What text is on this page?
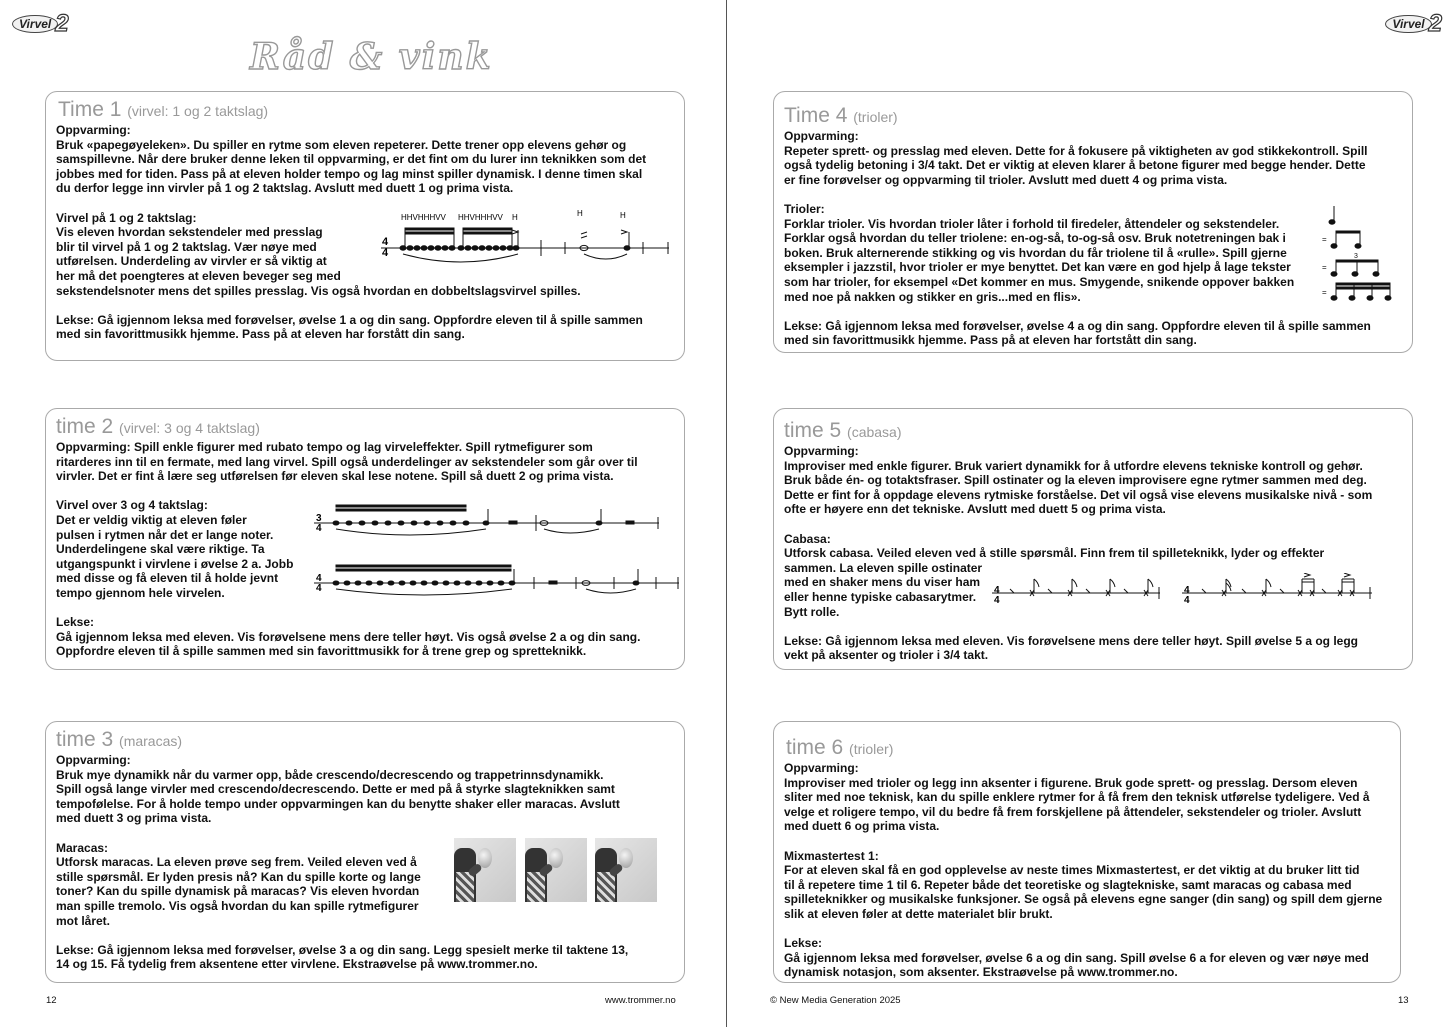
Virvel 2
Råd & vink
Time 1 (virvel: 1 og 2 taktslag)
Oppvarming:
Bruk «papegøyeleken». Du spiller en rytme som eleven repeterer. Dette trener opp elevens gehør og
samspillevne. Når dere bruker denne leken til oppvarming, er det fint om du lurer inn teknikken som det
jobbes med for tiden. Pass på at eleven holder tempo og lag minst spiller dynamisk. I denne timen skal
du derfor legge inn virvler på 1 og 2 taktslag. Avslutt med duett 1 og prima vista.
Virvel på 1 og 2 taktslag:
Vis eleven hvordan sekstendeler med presslag
blir til virvel på 1 og 2 taktslag. Vær nøye med
utførelsen. Underdeling av virvler er så viktig at
her må det poengteres at eleven beveger seg med
sekstendelsnoter mens det spilles presslag. Vis også hvordan en dobbeltslagsvirvel spilles.
Lekse: Gå igjennom leksa med forøvelser, øvelse 1 a og din sang. Oppfordre eleven til å spille sammen
med sin favorittmusikk hjemme. Pass på at eleven har forstått din sang.
HHVHHHVV HHVHHHVV H	H	H
4
4
time 2 (virvel: 3 og 4 taktslag)
Oppvarming: Spill enkle figurer med rubato tempo og lag virveleffekter. Spill rytmefigurer som
ritarderes inn til en fermate, med lang virvel. Spill også underdelinger av sekstendeler som går over til
virvler. Det er fint å lære seg utførelsen før eleven skal lese notene. Spill så duett 2 og prima vista.
Virvel over 3 og 4 taktslag:
Det er veldig viktig at eleven føler
pulsen i rytmen når det er lange noter.
Underdelingene skal være riktige. Ta
utgangspunkt i virvlene i øvelse 2 a. Jobb
med disse og få eleven til å holde jevnt
tempo gjennom hele virvelen.
Lekse:
Gå igjennom leksa med eleven. Vis forøvelsene mens dere teller høyt. Vis også øvelse 2 a og din sang.
Oppfordre eleven til å spille sammen med sin favorittmusikk for å trene grep og spretteknikk.
3
4
4
4
time 3 (maracas)
Oppvarming:
Bruk mye dynamikk når du varmer opp, både crescendo/decrescendo og trappetrinnsdynamikk.
Spill også lange virvler med crescendo/decrescendo. Dette er med på å styrke slagteknikken samt
tempofølelse. For å holde tempo under oppvarmingen kan du benytte shaker eller maracas. Avslutt
med duett 3 og prima vista.
Maracas:
Utforsk maracas. La eleven prøve seg frem. Veiled eleven ved å
stille spørsmål. Er lyden presis nå? Kan du spille korte og lange
toner? Kan du spille dynamisk på maracas? Vis eleven hvordan
man spille tremolo. Vis også hvordan du kan spille rytmefigurer
mot låret.
Lekse: Gå igjennom leksa med forøvelser, øvelse 3 a og din sang. Legg spesielt merke til taktene 13,
14 og 15. Få tydelig frem aksentene etter virvlene. Ekstraøvelse på www.trommer.no.
12	www.trommer.no
Virvel 2
Time 4 (trioler)
Oppvarming:
Repeter sprett- og presslag med eleven. Dette for å fokusere på viktigheten av god stikkekontroll. Spill
også tydelig betoning i 3/4 takt. Det er viktig at eleven klarer å betone figurer med begge hender. Dette
er fine forøvelser og oppvarming til trioler. Avslutt med duett 4 og prima vista.
Trioler:
Forklar trioler. Vis hvordan trioler låter i forhold til firedeler, åttendeler og sekstendeler.
Forklar også hvordan du teller triolene: en-og-så, to-og-så osv. Bruk notetreningen bak i
boken. Bruk alternerende stikking og vis hvordan du får triolene til å «rulle». Spill gjerne
eksempler i jazzstil, hvor trioler er mye benyttet. Det kan være en god hjelp å lage tekster
som har trioler, for eksempel «Det kommer en mus. Smygende, snikende oppover bakken
med noe på nakken og stikker en gris...med en flis».
Lekse: Gå igjennom leksa med forøvelser, øvelse 4 a og din sang. Oppfordre eleven til å spille sammen
med sin favorittmusikk hjemme. Pass på at eleven har fortstått din sang.
=
=
3
=
time 5 (cabasa)
Oppvarming:
Improviser med enkle figurer. Bruk variert dynamikk for å utfordre elevens tekniske kontroll og gehør.
Bruk både én- og totaktsfraser. Spill ostinater og la eleven improvisere egne rytmer sammen med deg.
Dette er fint for å oppdage elevens rytmiske forståelse. Det vil også vise elevens musikalske nivå - som
ofte er høyere enn det tekniske. Avslutt med duett 5 og prima vista.
Cabasa:
Utforsk cabasa. Veiled eleven ved å stille spørsmål. Finn frem til spilleteknikk, lyder og effekter
sammen. La eleven spille ostinater
med en shaker mens du viser ham
eller henne typiske cabasarytmer.
Bytt rolle.
Lekse: Gå igjennom leksa med eleven. Vis forøvelsene mens dere teller høyt. Spill øvelse 5 a og legg
vekt på aksenter og trioler i 3/4 takt.
4
4
4
4
time 6 (trioler)
Oppvarming:
Improviser med trioler og legg inn aksenter i figurene. Bruk gode sprett- og presslag. Dersom eleven
sliter med noe teknisk, kan du spille enklere rytmer for å få frem den teknisk utførelse tydeligere. Ved å
velge et roligere tempo, vil du bedre få frem forskjellene på åttendeler, sekstendeler og trioler. Avslutt
med duett 6 og prima vista.
Mixmastertest 1:
For at eleven skal få en god opplevelse av neste times Mixmastertest, er det viktig at du bruker litt tid
til å repetere time 1 til 6. Repeter både det teoretiske og slagtekniske, samt maracas og cabasa med
spilleteknikker og musikalske funksjoner. Se også på elevens egne sanger (din sang) og spill dem gjerne
slik at eleven føler at dette materialet blir brukt.
Lekse:
Gå igjennom leksa med forøvelser, øvelse 6 a og din sang. Spill øvelse 6 a for eleven og vær nøye med
dynamisk notasjon, som aksenter. Ekstraøvelse på www.trommer.no.
© New Media Generation 2025	13
